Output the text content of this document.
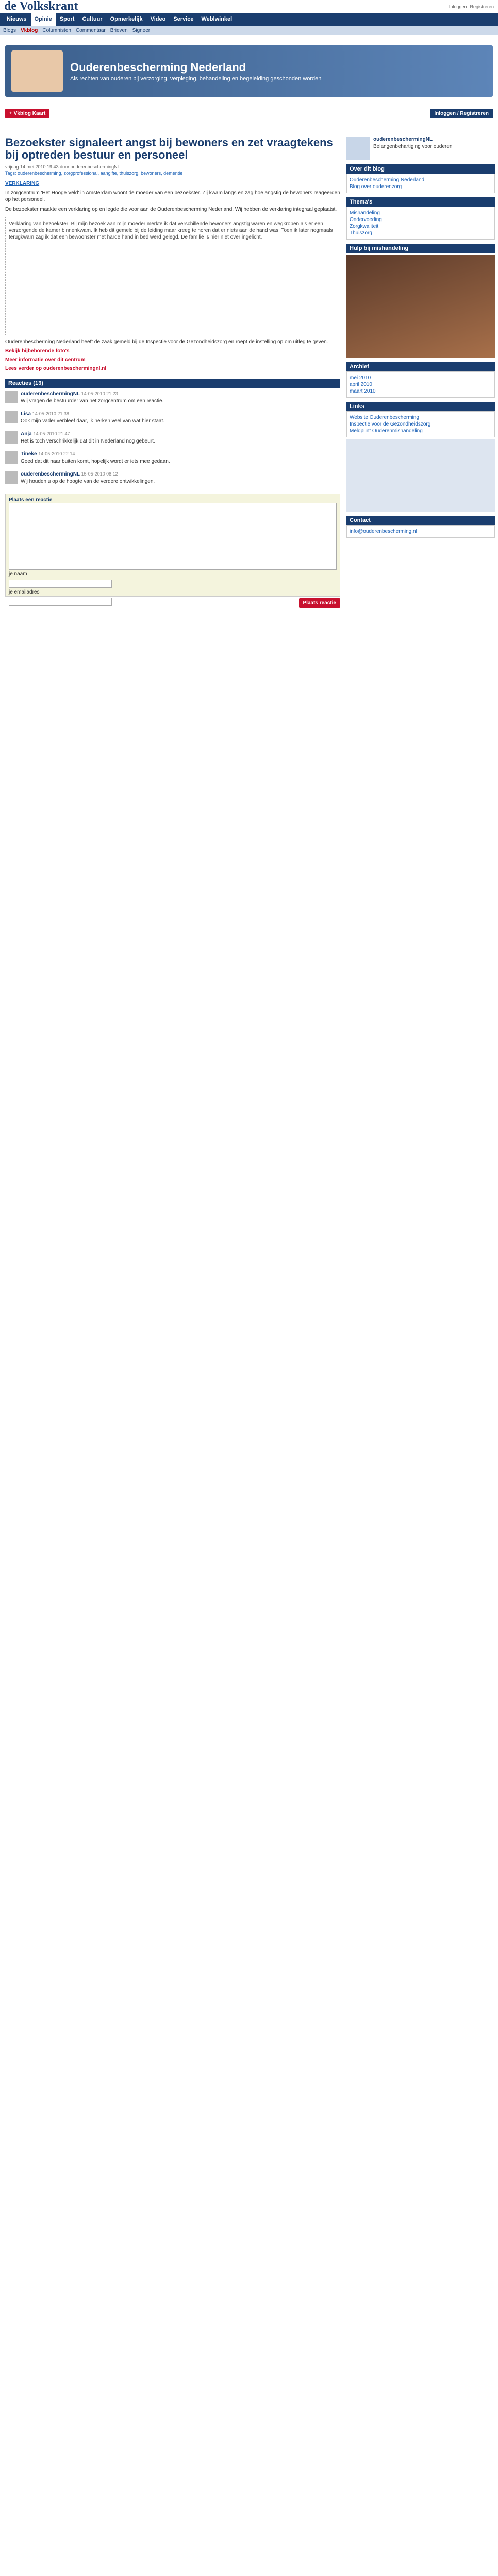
de Volkskrant	Inloggen Registreren
Nieuws	Opinie	Sport	Cultuur	Opmerkelijk	Video	Service	Weblwinkel
Blogs Vkblog Columnisten Commentaar Brieven Signeer
Ouderenbescherming Nederland
Als rechten van ouderen bij verzorging, verpleging, behandeling en begeleiding geschonden worden
+ Vkblog Kaart	Inloggen / Registreren
Bezoekster signaleert angst bij bewoners en zet vraagtekens bij optreden bestuur en personeel
vrijdag 14 mei 2010 19:43 door ouderenbeschermingNL
Tags: ouderenbescherming, zorgprofessional, aangifte, thuiszorg, bewoners, dementie
VERKLARING
In zorgcentrum 'Het Hooge Veld' in Amsterdam woont de moeder van een bezoekster. Zij kwam langs en zag hoe angstig de bewoners reageerden op het personeel.
De bezoekster maakte een verklaring op en legde die voor aan de Ouderenbescherming Nederland. Wij hebben de verklaring integraal geplaatst.
Verklaring van bezoekster: Bij mijn bezoek aan mijn moeder merkte ik dat verschillende bewoners angstig waren en wegkropen als er een verzorgende de kamer binnenkwam. Ik heb dit gemeld bij de leiding maar kreeg te horen dat er niets aan de hand was. Toen ik later nogmaals terugkwam zag ik dat een bewoonster met harde hand in bed werd gelegd. De familie is hier niet over ingelicht.
Ouderenbescherming Nederland heeft de zaak gemeld bij de Inspectie voor de Gezondheidszorg en roept de instelling op om uitleg te geven.
Bekijk bijbehorende foto's
Meer informatie over dit centrum
Lees verder op ouderenbeschermingnl.nl
Reacties (13)
ouderenbeschermingNL 14-05-2010 21:23
Wij vragen de bestuurder van het zorgcentrum om een reactie.
Lisa 14-05-2010 21:38
Ook mijn vader verbleef daar, ik herken veel van wat hier staat.
Anja 14-05-2010 21:47
Het is toch verschrikkelijk dat dit in Nederland nog gebeurt.
Tineke 14-05-2010 22:14
Goed dat dit naar buiten komt, hopelijk wordt er iets mee gedaan.
ouderenbeschermingNL 15-05-2010 08:12
Wij houden u op de hoogte van de verdere ontwikkelingen.
Plaats een reactie
je naam
je emailadres
Plaats reactie
ouderenbeschermingNL
Belangenbehartiging voor ouderen
Over dit blog
Ouderenbescherming Nederland
Blog over ouderenzorg
Thema's
Mishandeling
Ondervoeding
Zorgkwaliteit
Thuiszorg
Hulp bij mishandeling
Archief
mei 2010
april 2010
maart 2010
Links
Website Ouderenbescherming
Inspectie voor de Gezondheidszorg
Meldpunt Ouderenmishandeling
Contact
info@ouderenbescherming.nl
